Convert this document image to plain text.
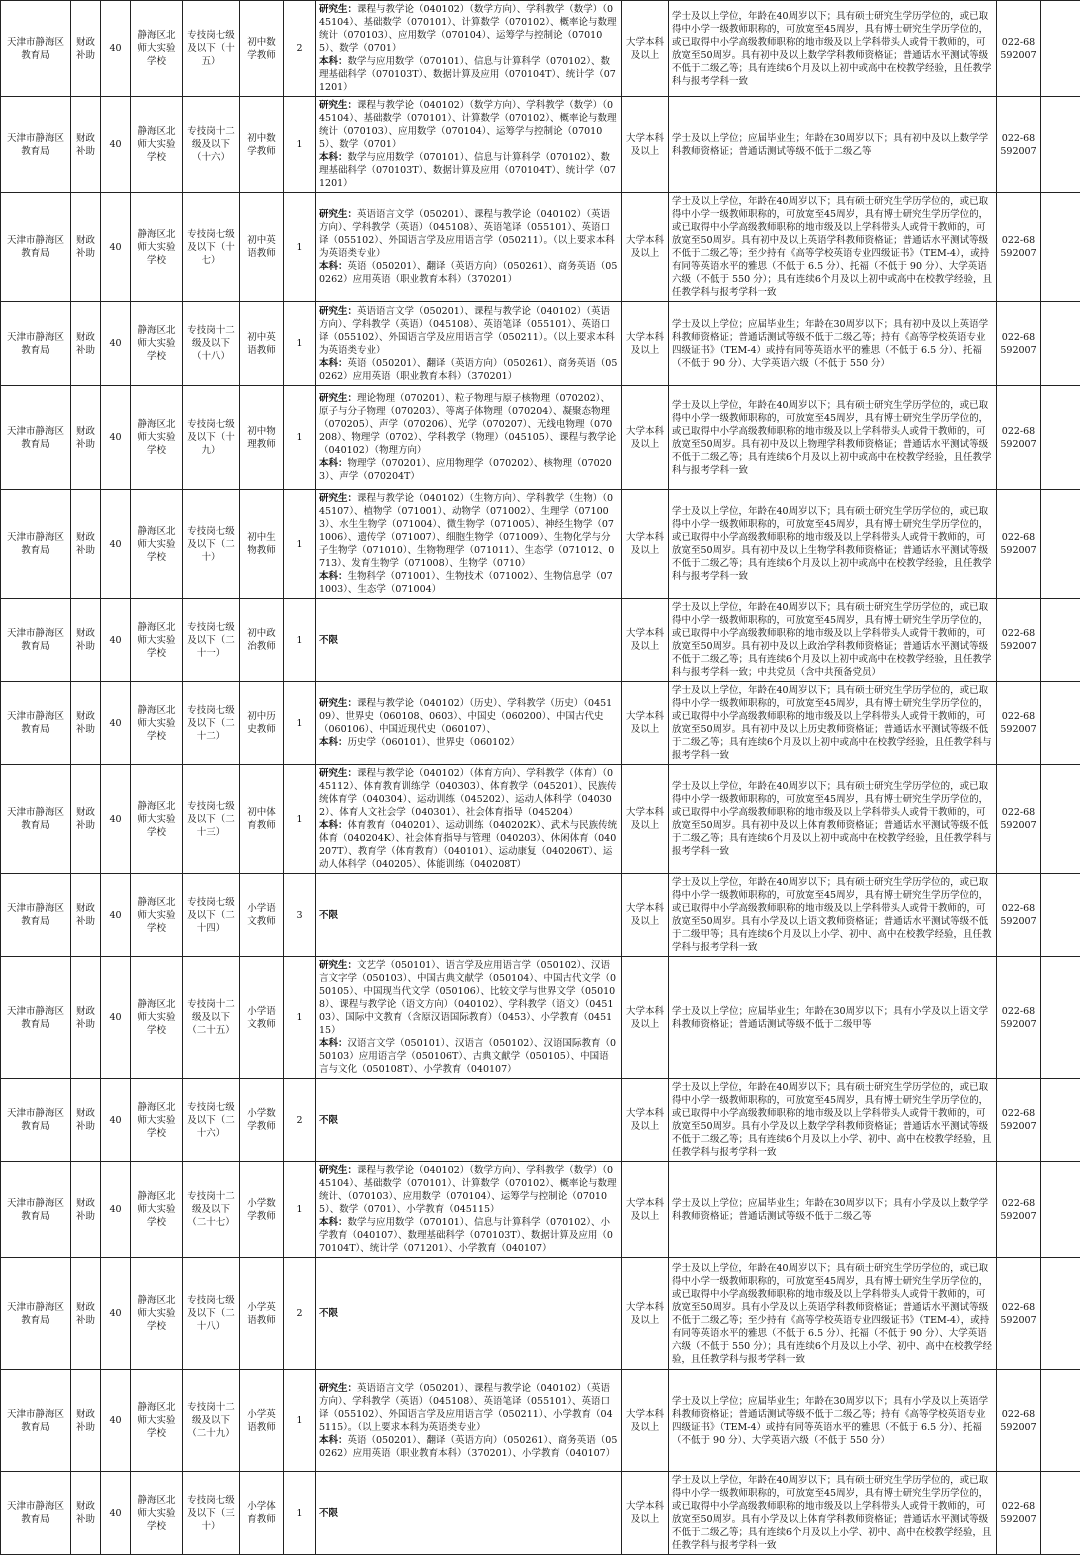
天津市静海区教育局	财政补助	40	静海区北师大实验学校	专技岗七级及以下（十五）	初中数学教师	2	研究生：课程与教学论（040102）（数学方向）、学科教学（数学）（045104）、基础数学（070101）、计算数学（070102）、概率论与数理统计（070103）、应用数学（070104）、运筹学与控制论（070105）、数学（0701）
本科：数学与应用数学（070101）、信息与计算科学（070102）、数理基础科学（070103T）、数据计算及应用（070104T）、统计学（071201）	大学本科及以上	学士及以上学位，年龄在40周岁以下；具有硕士研究生学历学位的，或已取得中小学一级教师职称的，可放宽至45周岁，具有博士研究生学历学位的，或已取得中小学高级教师职称的地市级及以上学科带头人或骨干教师的，可放宽至50周岁。具有初中及以上数学学科教师资格证；普通话水平测试等级不低于二级乙等；具有连续6个月及以上初中或高中在校教学经验，且任教学科与报考学科一致	022-68592007	
天津市静海区教育局	财政补助	40	静海区北师大实验学校	专技岗十二级及以下（十六）	初中数学教师	1	研究生：课程与教学论（040102）（数学方向）、学科教学（数学）（045104）、基础数学（070101）、计算数学（070102）、概率论与数理统计（070103）、应用数学（070104）、运筹学与控制论（070105）、数学（0701）
本科：数学与应用数学（070101）、信息与计算科学（070102）、数理基础科学（070103T）、数据计算及应用（070104T）、统计学（071201）	大学本科及以上	学士及以上学位；应届毕业生；年龄在30周岁以下；具有初中及以上数学学科教师资格证；普通话测试等级不低于二级乙等	022-68592007	
天津市静海区教育局	财政补助	40	静海区北师大实验学校	专技岗七级及以下（十七）	初中英语教师	1	研究生：英语语言文学（050201）、课程与教学论（040102）（英语方向）、学科教学（英语）（045108）、英语笔译（055101）、英语口译（055102）、外国语言学及应用语言学（050211）。（以上要求本科为英语类专业）
本科：英语（050201）、翻译（英语方向）（050261）、商务英语（050262）应用英语（职业教育本科）（370201）	大学本科及以上	学士及以上学位，年龄在40周岁以下；具有硕士研究生学历学位的，或已取得中小学一级教师职称的，可放宽至45周岁，具有博士研究生学历学位的，或已取得中小学高级教师职称的地市级及以上学科带头人或骨干教师的，可放宽至50周岁。具有初中及以上英语学科教师资格证；普通话水平测试等级不低于二级乙等；至少持有《高等学校英语专业四级证书》（TEM-4），或持有同等英语水平的雅思（不低于 6.5 分）、托福（不低于 90 分）、大学英语六级（不低于 550 分）；具有连续6个月及以上初中或高中在校教学经验，且任教学科与报考学科一致	022-68592007	
天津市静海区教育局	财政补助	40	静海区北师大实验学校	专技岗十二级及以下（十八）	初中英语教师	1	研究生：英语语言文学（050201）、课程与教学论（040102）（英语方向）、学科教学（英语）（045108）、英语笔译（055101）、英语口译（055102）、外国语言学及应用语言学（050211）。（以上要求本科为英语类专业）
本科：英语（050201）、翻译（英语方向）（050261）、商务英语（050262）应用英语（职业教育本科）（370201）	大学本科及以上	学士及以上学位；应届毕业生；年龄在30周岁以下；具有初中及以上英语学科教师资格证；普通话测试等级不低于二级乙等；持有《高等学校英语专业四级证书》（TEM-4）或持有同等英语水平的雅思（不低于 6.5 分）、托福（不低于 90 分）、大学英语六级（不低于 550 分）	022-68592007	
天津市静海区教育局	财政补助	40	静海区北师大实验学校	专技岗七级及以下（十九）	初中物理教师	1	研究生：理论物理（070201）、粒子物理与原子核物理（070202）、原子与分子物理（070203）、等离子体物理（070204）、凝聚态物理（070205）、声学（070206）、光学（070207）、无线电物理（070208）、物理学（0702）、学科教学（物理）（045105）、课程与教学论（040102）（物理方向）
本科：物理学（070201）、应用物理学（070202）、核物理（070203）、声学（070204T）	大学本科及以上	学士及以上学位，年龄在40周岁以下；具有硕士研究生学历学位的，或已取得中小学一级教师职称的，可放宽至45周岁，具有博士研究生学历学位的，或已取得中小学高级教师职称的地市级及以上学科带头人或骨干教师的，可放宽至50周岁。具有初中及以上物理学科教师资格证；普通话水平测试等级不低于二级乙等；具有连续6个月及以上初中或高中在校教学经验，且任教学科与报考学科一致	022-68592007	
天津市静海区教育局	财政补助	40	静海区北师大实验学校	专技岗七级及以下（二十）	初中生物教师	1	研究生：课程与教学论（040102）（生物方向）、学科教学（生物）（045107）、植物学（071001）、动物学（071002）、生理学（071003）、水生生物学（071004）、微生物学（071005）、神经生物学（071006）、遗传学（071007）、细胞生物学（071009）、生物化学与分子生物学（071010）、生物物理学（071011）、生态学（071012、0713）、发育生物学（071008）、生物学（0710）
本科：生物科学（071001）、生物技术（071002）、生物信息学（071003）、生态学（071004）	大学本科及以上	学士及以上学位，年龄在40周岁以下；具有硕士研究生学历学位的，或已取得中小学一级教师职称的，可放宽至45周岁，具有博士研究生学历学位的，或已取得中小学高级教师职称的地市级及以上学科带头人或骨干教师的，可放宽至50周岁。具有初中及以上生物学科教师资格证；普通话水平测试等级不低于二级乙等；具有连续6个月及以上初中或高中在校教学经验，且任教学科与报考学科一致	022-68592007	
天津市静海区教育局	财政补助	40	静海区北师大实验学校	专技岗七级及以下（二十一）	初中政治教师	1	不限	大学本科及以上	学士及以上学位，年龄在40周岁以下；具有硕士研究生学历学位的，或已取得中小学一级教师职称的，可放宽至45周岁，具有博士研究生学历学位的，或已取得中小学高级教师职称的地市级及以上学科带头人或骨干教师的，可放宽至50周岁。具有初中及以上政治学科教师资格证；普通话水平测试等级不低于二级乙等；具有连续6个月及以上初中或高中在校教学经验，且任教学科与报考学科一致；中共党员（含中共预备党员）	022-68592007	
天津市静海区教育局	财政补助	40	静海区北师大实验学校	专技岗七级及以下（二十二）	初中历史教师	1	研究生：课程与教学论（040102）（历史）、学科教学（历史）（045109）、世界史（060108、0603）、中国史（060200）、中国古代史（060106）、中国近现代史（060107）、
本科：历史学（060101）、世界史（060102）	大学本科及以上	学士及以上学位，年龄在40周岁以下；具有硕士研究生学历学位的，或已取得中小学一级教师职称的，可放宽至45周岁，具有博士研究生学历学位的，或已取得中小学高级教师职称的地市级及以上学科带头人或骨干教师的，可放宽至50周岁。具有初中及以上历史教师资格证；普通话水平测试等级不低于二级乙等；具有连续6个月及以上初中或高中在校教学经验，且任教学科与报考学科一致	022-68592007	
天津市静海区教育局	财政补助	40	静海区北师大实验学校	专技岗七级及以下（二十三）	初中体育教师	1	研究生：课程与教学论（040102）（体育方向）、学科教学（体育）（045112）、体育教育训练学（040303）、体育教学（045201）、民族传统体育学（040304）、运动训练（045202）、运动人体科学（040302）、体育人文社会学（040301）、社会体育指导（045204）
本科：体育教育（040201）、运动训练（040202K）、武术与民族传统体育（040204K）、社会体育指导与管理（040203）、休闲体育（040207T）、教育学（体育教育）（040101）、运动康复（040206T）、运动人体科学（040205）、体能训练（040208T）	大学本科及以上	学士及以上学位，年龄在40周岁以下；具有硕士研究生学历学位的，或已取得中小学一级教师职称的，可放宽至45周岁，具有博士研究生学历学位的，或已取得中小学高级教师职称的地市级及以上学科带头人或骨干教师的，可放宽至50周岁。具有初中及以上体育教师资格证；普通话水平测试等级不低于二级乙等；具有连续6个月及以上初中或高中在校教学经验，且任教学科与报考学科一致	022-68592007	
天津市静海区教育局	财政补助	40	静海区北师大实验学校	专技岗七级及以下（二十四）	小学语文教师	3	不限	大学本科及以上	学士及以上学位，年龄在40周岁以下；具有硕士研究生学历学位的，或已取得中小学一级教师职称的，可放宽至45周岁，具有博士研究生学历学位的，或已取得中小学高级教师职称的地市级及以上学科带头人或骨干教师的，可放宽至50周岁。具有小学及以上语文教师资格证；普通话水平测试等级不低于二级甲等；具有连续6个月及以上小学、初中、高中在校教学经验，且任教学科与报考学科一致	022-68592007	
天津市静海区教育局	财政补助	40	静海区北师大实验学校	专技岗十二级及以下（二十五）	小学语文教师	1	研究生：文艺学（050101）、语言学及应用语言学（050102）、汉语言文字学（050103）、中国古典文献学（050104）、中国古代文学（050105）、中国现当代文学（050106）、比较文学与世界文学（050108）、课程与教学论（语文方向）（040102）、学科教学（语文）（045103）、国际中文教育（含原汉语国际教育）（0453）、小学教育（045115）
本科：汉语言文学（050101）、汉语言（050102）、汉语国际教育（050103）应用语言学（050106T）、古典文献学（050105）、中国语言与文化（050108T）、小学教育（040107）	大学本科及以上	学士及以上学位；应届毕业生；年龄在30周岁以下；具有小学及以上语文学科教师资格证；普通话测试等级不低于二级甲等	022-68592007	
天津市静海区教育局	财政补助	40	静海区北师大实验学校	专技岗七级及以下（二十六）	小学数学教师	2	不限	大学本科及以上	学士及以上学位，年龄在40周岁以下；具有硕士研究生学历学位的，或已取得中小学一级教师职称的，可放宽至45周岁，具有博士研究生学历学位的，或已取得中小学高级教师职称的地市级及以上学科带头人或骨干教师的，可放宽至50周岁。具有小学及以上数学学科教师资格证；普通话水平测试等级不低于二级乙等；具有连续6个月及以上小学、初中、高中在校教学经验，且任教学科与报考学科一致	022-68592007	
天津市静海区教育局	财政补助	40	静海区北师大实验学校	专技岗十二级及以下（二十七）	小学数学教师	1	研究生：课程与教学论（040102）（数学方向）、学科教学（数学）（045104）、基础数学（070101）、计算数学（070102）、概率论与数理统计、（070103）、应用数学（070104）、运筹学与控制论（070105）、数学（0701）、小学教育（045115）
本科：数学与应用数学（070101）、信息与计算科学（070102）、小学教育（040107）、数理基础科学（070103T）、数据计算及应用（070104T）、统计学（071201）、小学教育（040107）	大学本科及以上	学士及以上学位；应届毕业生；年龄在30周岁以下；具有小学及以上数学学科教师资格证；普通话测试等级不低于二级乙等	022-68592007	
天津市静海区教育局	财政补助	40	静海区北师大实验学校	专技岗七级及以下（二十八）	小学英语教师	2	不限	大学本科及以上	学士及以上学位，年龄在40周岁以下；具有硕士研究生学历学位的，或已取得中小学一级教师职称的，可放宽至45周岁，具有博士研究生学历学位的，或已取得中小学高级教师职称的地市级及以上学科带头人或骨干教师的，可放宽至50周岁。具有小学及以上英语学科教师资格证；普通话水平测试等级不低于二级乙等；至少持有《高等学校英语专业四级证书》（TEM-4），或持有同等英语水平的雅思（不低于 6.5 分）、托福（不低于 90 分）、大学英语六级（不低于 550 分）；具有连续6个月及以上小学、初中、高中在校教学经验，且任教学科与报考学科一致	022-68592007	
天津市静海区教育局	财政补助	40	静海区北师大实验学校	专技岗十二级及以下（二十九）	小学英语教师	1	研究生：英语语言文学（050201）、课程与教学论（040102）（英语方向）、学科教学（英语）（045108）、英语笔译（055101）、英语口译（055102）、外国语言学及应用语言学（050211）、小学教育（045115）。（以上要求本科为英语类专业）
本科：英语（050201）、翻译（英语方向）（050261）、商务英语（050262）应用英语（职业教育本科）（370201）、小学教育（040107）	大学本科及以上	学士及以上学位；应届毕业生；年龄在30周岁以下；具有小学及以上英语学科教师资格证；普通话测试等级不低于二级乙等；持有《高等学校英语专业四级证书》（TEM-4）或持有同等英语水平的雅思（不低于 6.5 分）、托福（不低于 90 分）、大学英语六级（不低于 550 分）	022-68592007	
天津市静海区教育局	财政补助	40	静海区北师大实验学校	专技岗七级及以下（三十）	小学体育教师	1	不限	大学本科及以上	学士及以上学位，年龄在40周岁以下；具有硕士研究生学历学位的，或已取得中小学一级教师职称的，可放宽至45周岁，具有博士研究生学历学位的，或已取得中小学高级教师职称的地市级及以上学科带头人或骨干教师的，可放宽至50周岁。具有小学及以上体育学科教师资格证；普通话水平测试等级不低于二级乙等；具有连续6个月及以上小学、初中、高中在校教学经验，且任教学科与报考学科一致	022-68592007	
